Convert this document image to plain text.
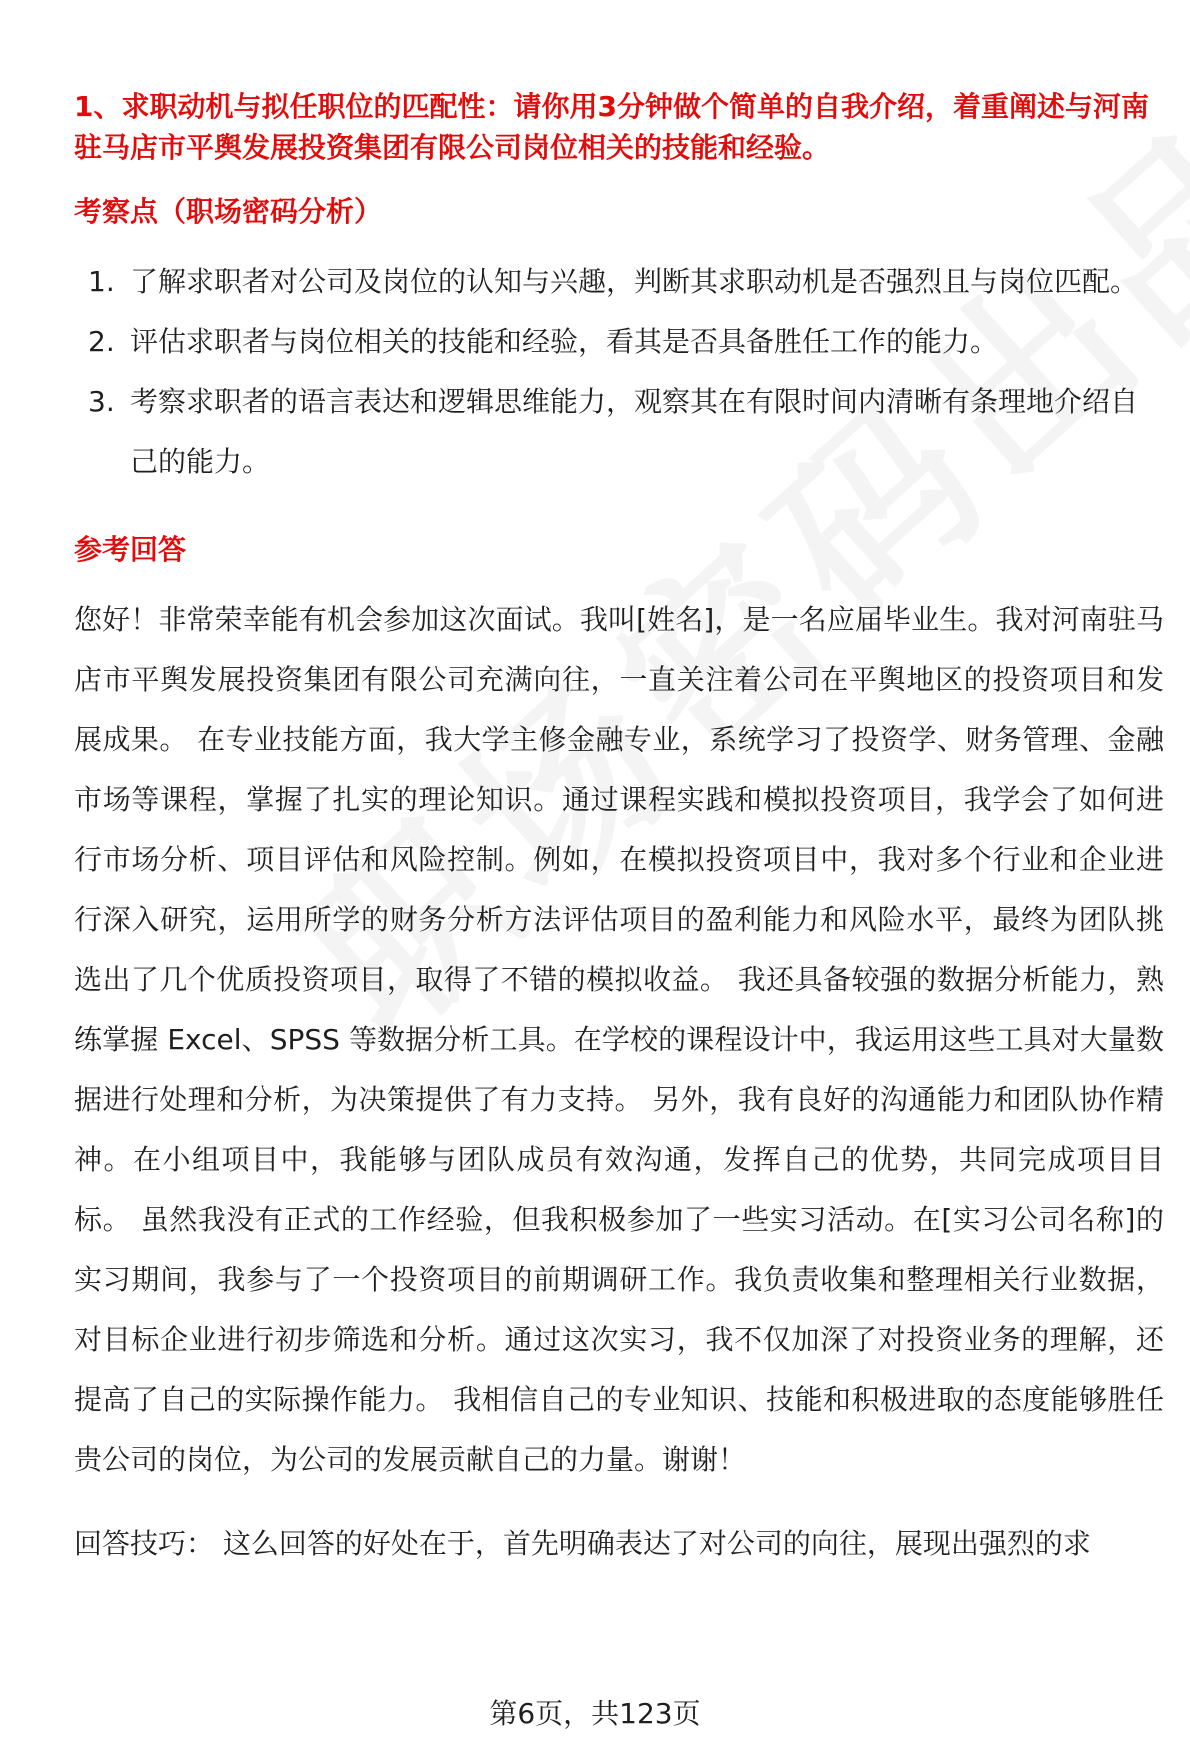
1、求职动机与拟任职位的匹配性：请你用3分钟做个简单的自我介绍，着重阐述与河南驻马店市平舆发展投资集团有限公司岗位相关的技能和经验。

考察点（职场密码分析）
1. 了解求职者对公司及岗位的认知与兴趣，判断其求职动机是否强烈且与岗位匹配。
2. 评估求职者与岗位相关的技能和经验，看其是否具备胜任工作的能力。
3. 考察求职者的语言表达和逻辑思维能力，观察其在有限时间内清晰有条理地介绍自己的能力。
参考回答

您好！非常荣幸能有机会参加这次面试。我叫[姓名]，是一名应届毕业生。我对河南驻马店市平舆发展投资集团有限公司充满向往，一直关注着公司在平舆地区的投资项目和发展成果。 在专业技能方面，我大学主修金融专业，系统学习了投资学、财务管理、金融市场等课程，掌握了扎实的理论知识。通过课程实践和模拟投资项目，我学会了如何进行市场分析、项目评估和风险控制。例如，在模拟投资项目中，我对多个行业和企业进行深入研究，运用所学的财务分析方法评估项目的盈利能力和风险水平，最终为团队挑选出了几个优质投资项目，取得了不错的模拟收益。 我还具备较强的数据分析能力，熟练掌握 Excel、SPSS 等数据分析工具。在学校的课程设计中，我运用这些工具对大量数据进行处理和分析，为决策提供了有力支持。 另外，我有良好的沟通能力和团队协作精神。在小组项目中，我能够与团队成员有效沟通，发挥自己的优势，共同完成项目目标。 虽然我没有正式的工作经验，但我积极参加了一些实习活动。在[实习公司名称]的实习期间，我参与了一个投资项目的前期调研工作。我负责收集和整理相关行业数据，对目标企业进行初步筛选和分析。通过这次实习，我不仅加深了对投资业务的理解，还提高了自己的实际操作能力。 我相信自己的专业知识、技能和积极进取的态度能够胜任贵公司的岗位，为公司的发展贡献自己的力量。谢谢！

回答技巧： 这么回答的好处在于，首先明确表达了对公司的向往，展现出强烈的求

第6页，共123页
